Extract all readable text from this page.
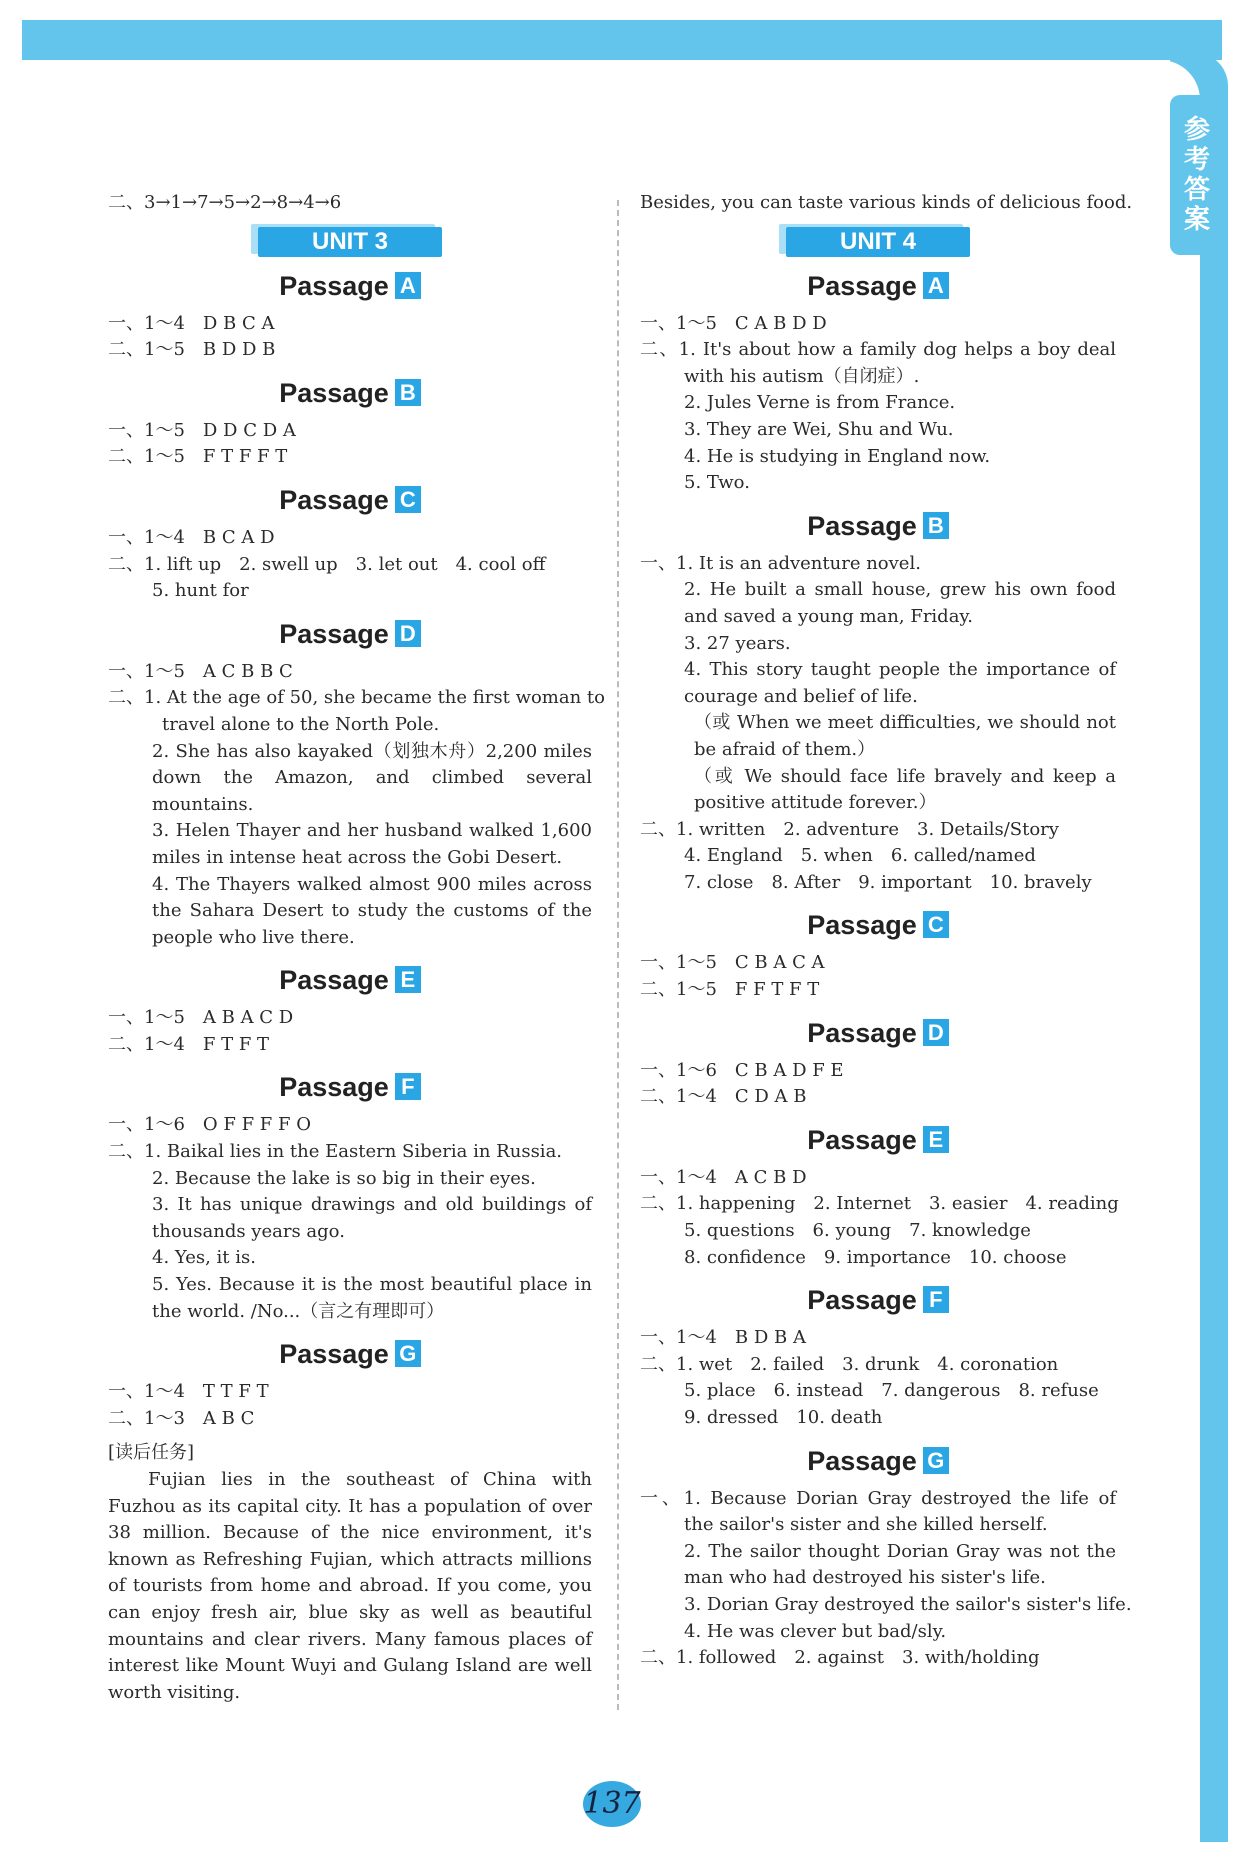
参考答案
二、3→1→7→5→2→8→4→6
UNIT 3
Passage A
一、1～4　D B C A
二、1～5　B D D B
Passage B
一、1～5　D D C D A
二、1～5　F T F F T
Passage C
一、1～4　B C A D
二、1. lift up　2. swell up　3. let out　4. cool off
5. hunt for
Passage D
一、1～5　A C B B C
二、1. At the age of 50, she became the first woman to
travel alone to the North Pole.
2. She has also kayaked（划独木舟）2,200 miles down the Amazon, and climbed several mountains.
3. Helen Thayer and her husband walked 1,600 miles in intense heat across the Gobi Desert.
4. The Thayers walked almost 900 miles across the Sahara Desert to study the customs of the people who live there.
Passage E
一、1～5　A B A C D
二、1～4　F T F T
Passage F
一、1～6　O F F F F O
二、1. Baikal lies in the Eastern Siberia in Russia.
2. Because the lake is so big in their eyes.
3. It has unique drawings and old buildings of thousands years ago.
4. Yes, it is.
5. Yes. Because it is the most beautiful place in the world. /No...（言之有理即可）
Passage G
一、1～4　T T F T
二、1～3　A B C
[读后任务]
Fujian lies in the southeast of China with Fuzhou as its capital city. It has a population of over 38 million. Because of the nice environment, it's known as Refreshing Fujian, which attracts millions of tourists from home and abroad. If you come, you can enjoy fresh air, blue sky as well as beautiful mountains and clear rivers. Many famous places of interest like Mount Wuyi and Gulang Island are well worth visiting.
Besides, you can taste various kinds of delicious food.
UNIT 4
Passage A
一、1～5　C A B D D
二、1. It's about how a family dog helps a boy deal with his autism（自闭症）.
2. Jules Verne is from France.
3. They are Wei, Shu and Wu.
4. He is studying in England now.
5. Two.
Passage B
一、1. It is an adventure novel.
2. He built a small house, grew his own food and saved a young man, Friday.
3. 27 years.
4. This story taught people the importance of courage and belief of life.
（或 When we meet difficulties, we should not be afraid of them.）
（或 We should face life bravely and keep a positive attitude forever.）
二、1. written　2. adventure　3. Details/Story
4. England　5. when　6. called/named
7. close　8. After　9. important　10. bravely
Passage C
一、1～5　C B A C A
二、1～5　F F T F T
Passage D
一、1～6　C B A D F E
二、1～4　C D A B
Passage E
一、1～4　A C B D
二、1. happening　2. Internet　3. easier　4. reading
5. questions　6. young　7. knowledge
8. confidence　9. importance　10. choose
Passage F
一、1～4　B D B A
二、1. wet　2. failed　3. drunk　4. coronation
5. place　6. instead　7. dangerous　8. refuse
9. dressed　10. death
Passage G
一、1. Because Dorian Gray destroyed the life of the sailor's sister and she killed herself.
2. The sailor thought Dorian Gray was not the man who had destroyed his sister's life.
3. Dorian Gray destroyed the sailor's sister's life.
4. He was clever but bad/sly.
二、1. followed　2. against　3. with/holding
137
